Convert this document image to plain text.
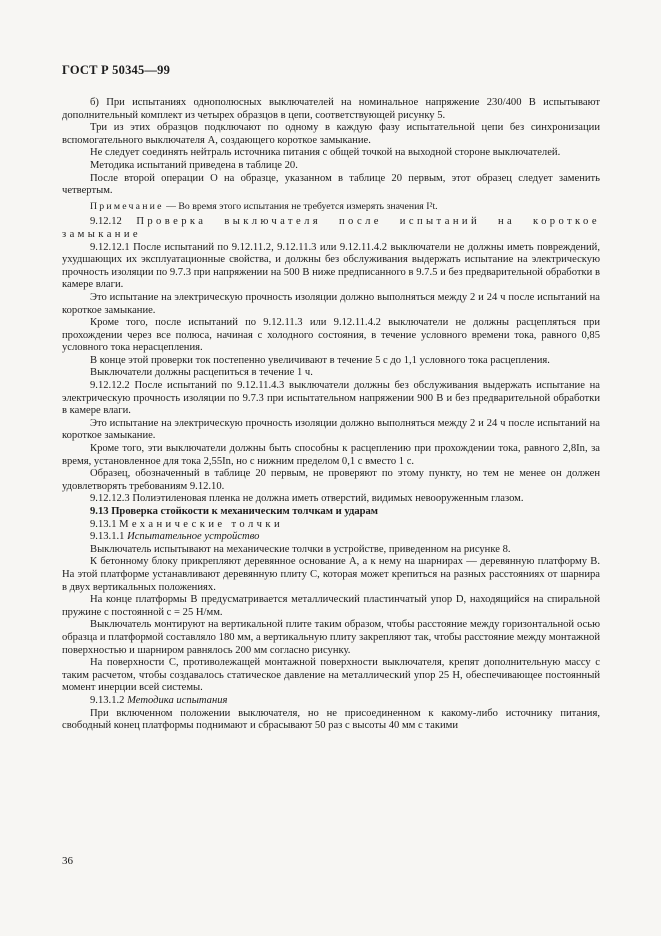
ГОСТ Р 50345—99

б) При испытаниях однополюсных выключателей на номинальное напряжение 230/400 В испытывают дополнительный комплект из четырех образцов в цепи, соответствующей рисунку 5.

Три из этих образцов подключают по одному в каждую фазу испытательной цепи без синхронизации вспомогательного выключателя А, создающего короткое замыкание.

Не следует соединять нейтраль источника питания с общей точкой на выходной стороне выключателей.

Методика испытаний приведена в таблице 20.

После второй операции О на образце, указанном в таблице 20 первым, этот образец следует заменить четвертым.

Примечание — Во время этого испытания не требуется измерять значения I²t.

9.12.12 Проверка выключателя после испытаний на короткое замыкание

9.12.12.1 После испытаний по 9.12.11.2, 9.12.11.3 или 9.12.11.4.2 выключатели не должны иметь повреждений, ухудшающих их эксплуатационные свойства, и должны без обслуживания выдержать испытание на электрическую прочность изоляции по 9.7.3 при напряжении на 500 В ниже предписанного в 9.7.5 и без предварительной обработки в камере влаги.

Это испытание на электрическую прочность изоляции должно выполняться между 2 и 24 ч после испытаний на короткое замыкание.

Кроме того, после испытаний по 9.12.11.3 или 9.12.11.4.2 выключатели не должны расцепляться при прохождении через все полюса, начиная с холодного состояния, в течение условного времени тока, равного 0,85 условного тока нерасцепления.

В конце этой проверки ток постепенно увеличивают в течение 5 с до 1,1 условного тока расцепления.

Выключатели должны расцепиться в течение 1 ч.

9.12.12.2 После испытаний по 9.12.11.4.3 выключатели должны без обслуживания выдержать испытание на электрическую прочность изоляции по 9.7.3 при испытательном напряжении 900 В и без предварительной обработки в камере влаги.

Это испытание на электрическую прочность изоляции должно выполняться между 2 и 24 ч после испытаний на короткое замыкание.

Кроме того, эти выключатели должны быть способны к расцеплению при прохождении тока, равного 2,8In, за время, установленное для тока 2,55In, но с нижним пределом 0,1 с вместо 1 с.

Образец, обозначенный в таблице 20 первым, не проверяют по этому пункту, но тем не менее он должен удовлетворять требованиям 9.12.10.

9.12.12.3 Полиэтиленовая пленка не должна иметь отверстий, видимых невооруженным глазом.

9.13 Проверка стойкости к механическим толчкам и ударам

9.13.1 Механические толчки

9.13.1.1 Испытательное устройство

Выключатель испытывают на механические толчки в устройстве, приведенном на рисунке 8.

К бетонному блоку прикрепляют деревянное основание А, а к нему на шарнирах — деревянную платформу В. На этой платформе устанавливают деревянную плиту С, которая может крепиться на разных расстояниях от шарнира в двух вертикальных положениях.

На конце платформы В предусматривается металлический пластинчатый упор D, находящийся на спиральной пружине с постоянной c = 25 Н/мм.

Выключатель монтируют на вертикальной плите таким образом, чтобы расстояние между горизонтальной осью образца и платформой составляло 180 мм, а вертикальную плиту закрепляют так, чтобы расстояние между монтажной поверхностью и шарниром равнялось 200 мм согласно рисунку.

На поверхности С, противолежащей монтажной поверхности выключателя, крепят дополнительную массу с таким расчетом, чтобы создавалось статическое давление на металлический упор 25 Н, обеспечивающее постоянный момент инерции всей системы.

9.13.1.2 Методика испытания

При включенном положении выключателя, но не присоединенном к какому-либо источнику питания, свободный конец платформы поднимают и сбрасывают 50 раз с высоты 40 мм с такими

36
